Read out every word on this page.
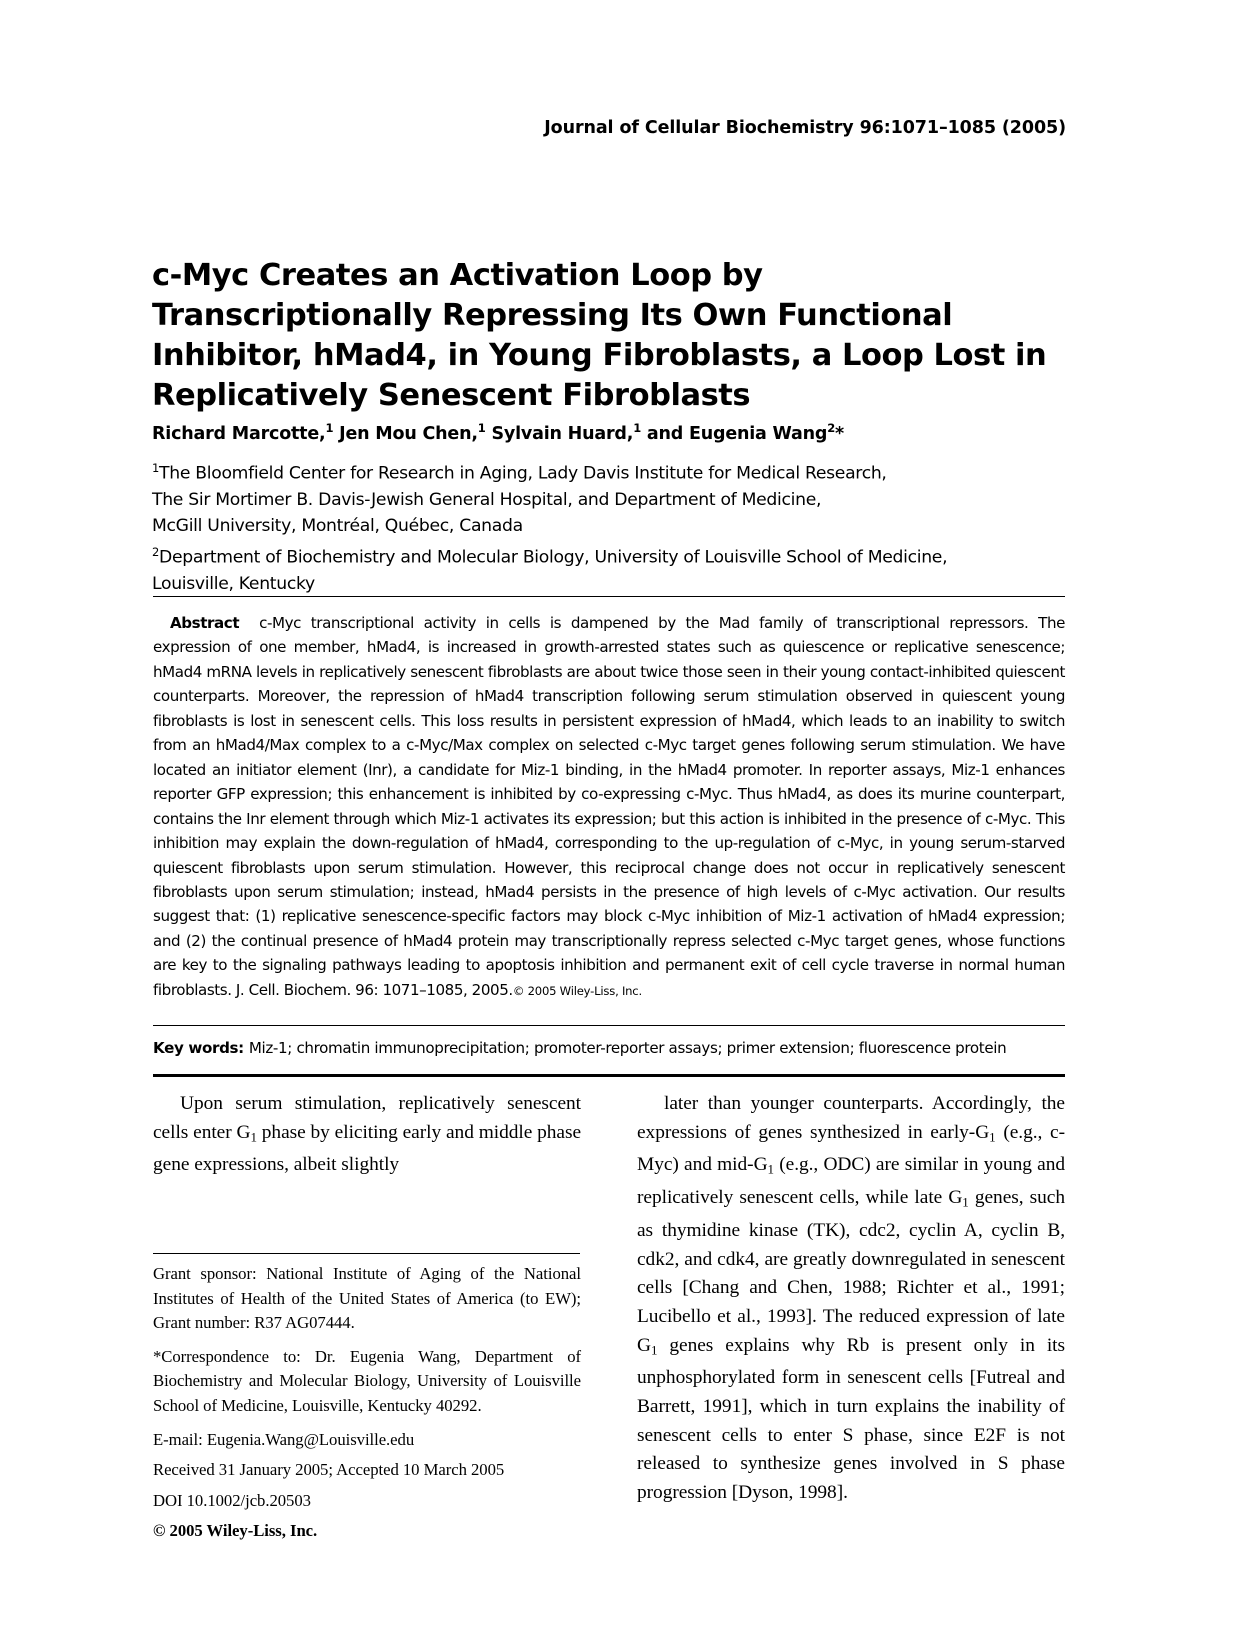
Journal of Cellular Biochemistry 96:1071–1085 (2005)
c-Myc Creates an Activation Loop by Transcriptionally Repressing Its Own Functional Inhibitor, hMad4, in Young Fibroblasts, a Loop Lost in Replicatively Senescent Fibroblasts
Richard Marcotte,$^1$ Jen Mou Chen,$^1$ Sylvain Huard,$^1$ and Eugenia Wang$^2$*
$^1$The Bloomfield Center for Research in Aging, Lady Davis Institute for Medical Research,
The Sir Mortimer B. Davis-Jewish General Hospital, and Department of Medicine,
McGill University, Montréal, Québec, Canada
$^2$Department of Biochemistry and Molecular Biology, University of Louisville School of Medicine,
Louisville, Kentucky
Abstract c-Myc transcriptional activity in cells is dampened by the Mad family of transcriptional repressors. The expression of one member, hMad4, is increased in growth-arrested states such as quiescence or replicative senescence; hMad4 mRNA levels in replicatively senescent fibroblasts are about twice those seen in their young contact-inhibited quiescent counterparts. Moreover, the repression of hMad4 transcription following serum stimulation observed in quiescent young fibroblasts is lost in senescent cells. This loss results in persistent expression of hMad4, which leads to an inability to switch from an hMad4/Max complex to a c-Myc/Max complex on selected c-Myc target genes following serum stimulation. We have located an initiator element (Inr), a candidate for Miz-1 binding, in the hMad4 promoter. In reporter assays, Miz-1 enhances reporter GFP expression; this enhancement is inhibited by co-expressing c-Myc. Thus hMad4, as does its murine counterpart, contains the Inr element through which Miz-1 activates its expression; but this action is inhibited in the presence of c-Myc. This inhibition may explain the down-regulation of hMad4, corresponding to the up-regulation of c-Myc, in young serum-starved quiescent fibroblasts upon serum stimulation. However, this reciprocal change does not occur in replicatively senescent fibroblasts upon serum stimulation; instead, hMad4 persists in the presence of high levels of c-Myc activation. Our results suggest that: (1) replicative senescence-specific factors may block c-Myc inhibition of Miz-1 activation of hMad4 expression; and (2) the continual presence of hMad4 protein may transcriptionally repress selected c-Myc target genes, whose functions are key to the signaling pathways leading to apoptosis inhibition and permanent exit of cell cycle traverse in normal human fibroblasts. J. Cell. Biochem. 96: 1071–1085, 2005.© 2005 Wiley-Liss, Inc.
Key words: Miz-1; chromatin immunoprecipitation; promoter-reporter assays; primer extension; fluorescence protein

Upon serum stimulation, replicatively senescent cells enter $G_1$ phase by eliciting early and middle phase gene expressions, albeit slightly

later than younger counterparts. Accordingly, the expressions of genes synthesized in early-$G_1$ (e.g., c-Myc) and mid-$G_1$ (e.g., ODC) are similar in young and replicatively senescent cells, while late $G_1$ genes, such as thymidine kinase (TK), cdc2, cyclin A, cyclin B, cdk2, and cdk4, are greatly downregulated in senescent cells [Chang and Chen, 1988; Richter et al., 1991; Lucibello et al., 1993]. The reduced expression of late $G_1$ genes explains why Rb is present only in its unphosphorylated form in senescent cells [Futreal and Barrett, 1991], which in turn explains the inability of senescent cells to enter S phase, since E2F is not released to synthesize genes involved in S phase progression [Dyson, 1998].

Grant sponsor: National Institute of Aging of the National Institutes of Health of the United States of America (to EW); Grant number: R37 AG07444.

*Correspondence to: Dr. Eugenia Wang, Department of Biochemistry and Molecular Biology, University of Louisville School of Medicine, Louisville, Kentucky 40292.

E-mail: Eugenia.Wang@Louisville.edu

Received 31 January 2005; Accepted 10 March 2005

DOI 10.1002/jcb.20503

© 2005 Wiley-Liss, Inc.
